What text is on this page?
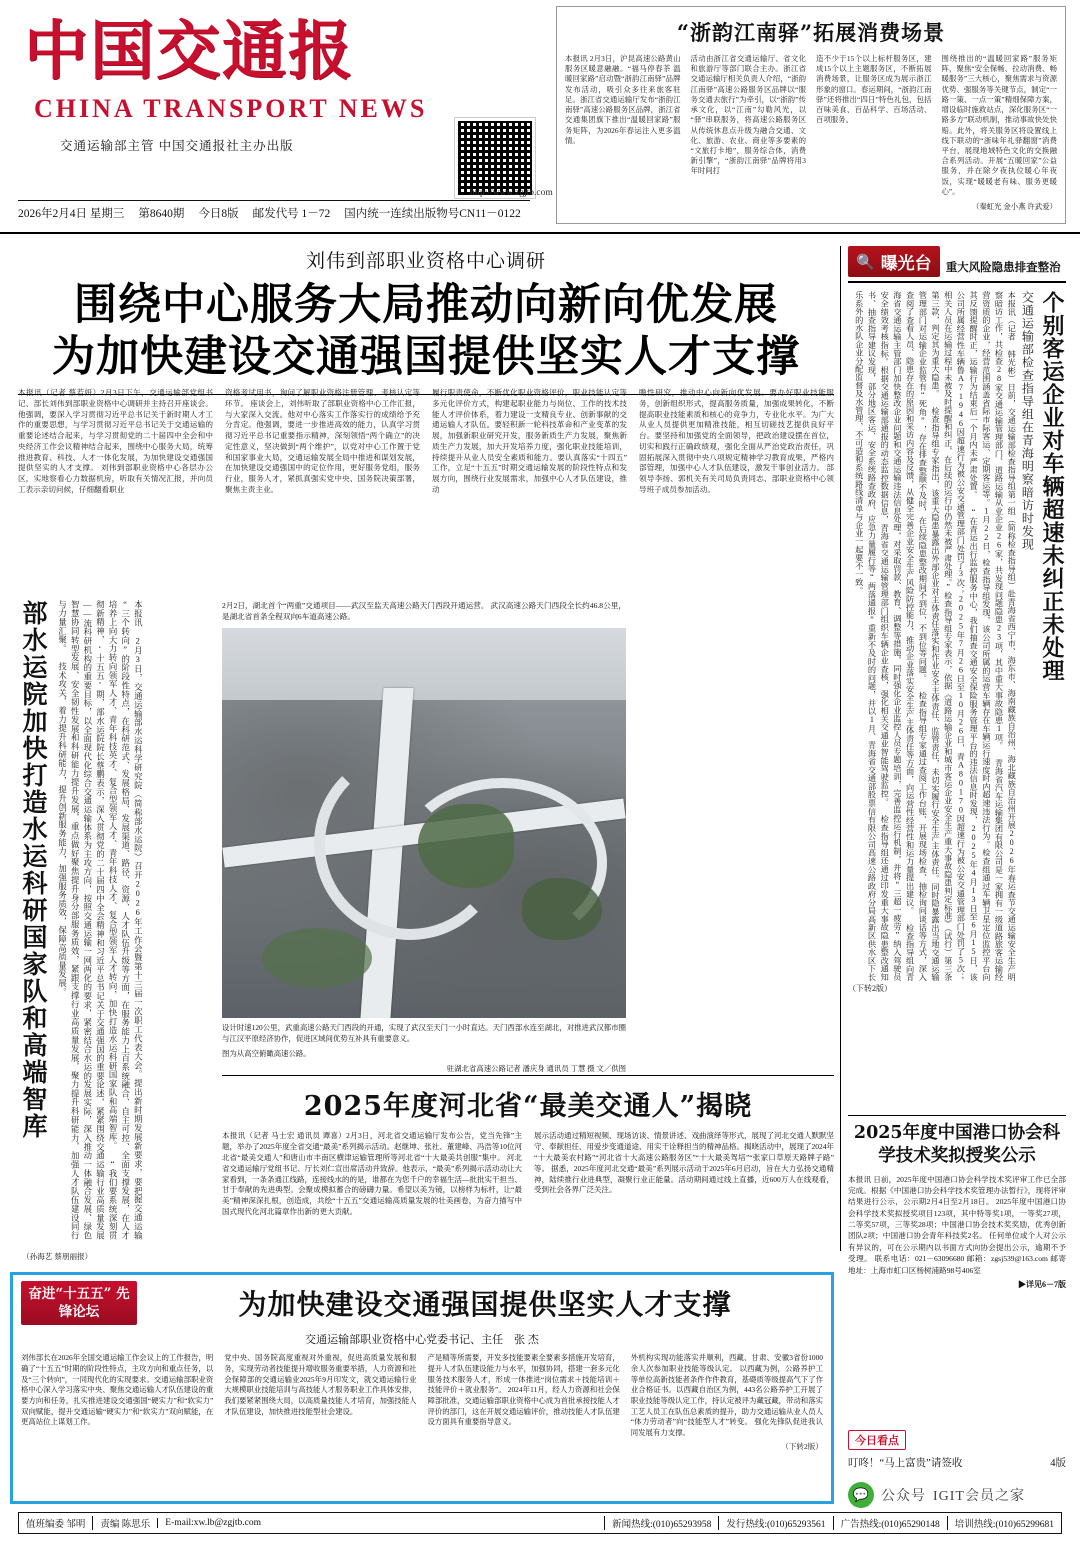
中国交通报
CHINA TRANSPORT NEWS
交通运输部主管 中国交通报社主办出版
http://www.zgjtb.com
2026年2月4日 星期三 第8640期 今日8版 邮发代号 1－72 国内统一连续出版物号CN11－0122
“浙韵江南驿”拓展消费场景
本报讯 2月3日，沪昆高速公路黄山服务区暖意融融。“福马停春茶 温暖回家路”启动暨“浙韵江南驿”品牌发布活动，吸引众多往来旅客驻足。浙江省交通运输厅发布“浙韵江南驿”高速公路服务区品牌，浙江省交通集团旗下推出“温暖回家路”服务矩阵，为2026年春运注入更多温情。
活动由浙江省交通运输厅、省文化和旅游厅等部门联合主办。浙江省交通运输厅相关负责人介绍，“浙韵江南驿”高速公路服务区品牌以“服务交通去旅行”为牵引，以“浙韵”传承文化，以“江南”勾勒风光，以“驿”串联服务，将高速公路服务区从传统休息点升级为融合交通、文化、旅游、农业、商业等多要素的“文旅打卡地”，服务综合体，消费新引擎”，“浙韵江南驿”品牌将用3年时间打
造不少于15个以上标杆服务区，建成15个以上主题服务区，不断拓展消费场景，让服务区成为展示浙江形象的窗口。春运期间，“浙韵江南驿”还将推出“四日”特色礼包，包括百味美食、百品科学、百场活动、百项服务。
围绕推出的“温暖回家路”服务矩阵，聚焦“安全保畅、拉动消费、畅暖服务”三大核心，聚焦需求与资源优势、强服务等关键节点，制定“一路一策、一点一策”精细保障方案，增设临时施救站点，深化服务区“一路多方”联动机制，推动事故快处快赔。此外，将关服务区将设置线上线下联动的“浙味年礼驿翻窗”消费平台，展现地域特色文化的交换融合系列活动。开展“五暖回家”公益服务，并在除夕夜执位暖心年夜饭，实现“暖暖老有味、服务更暖心”。
（秦虹光 金小燕 许武爱）
刘伟到部职业资格中心调研
围绕中心服务大局推动向新向优发展
为加快建设交通强国提供坚实人才支撑
本报讯（记者 蔡若妍）2月3日下午，交通运输部党组书记、部长刘伟到部职业资格中心调研并主持召开座谈会。他强调，要深入学习贯彻习近平总书记关于新时期人才工作的重要思想，与学习贯彻习近平总书记关于交通运输的重要论述结合起来，与学习贯彻党的二十届四中全会和中央经济工作会议精神结合起来，围绕中心服务大局，统筹推进教育、科技、人才一体化发展，为加快建设交通强国提供坚实的人才支撑。 刘伟到部职业资格中心各层办公区，实地察看心力数据机房，听取有关情况汇报，并向员工表示亲切问候，仔细翻看职业
资格考试用书，询问了解职业资格注册管理、考核认定等环节。 座谈会上，刘伟听取了部职业资格中心工作汇报，与大家深入交流。他对中心落实工作落实行的成绩给予充分肯定。他强调，要进一步推进高效的能力，认真学习贯彻习近平总书记重要指示精神，深刻领悟“两个确立”的决定性意义，坚决做到“两个维护”，以党对中心工作置于党和国家事业大局，交通运输发展全局中推进和谋划发展，在加快建设交通强国中的定位作用，更好服务党组，服务行业，服务人才，紧抓真强实党中央、国务院决策部署，聚焦主责主业。
履行职责使命，不断优化职业资格评价，职业技能认定等多元化评价方式，构建起职业能力与岗位、工作的技术技能人才评价体系，着力建设一支精良专业、创新事献的交通运输人才队伍。要轻积新一轮科技革命和产业变革的发展，加强新职业研究开发，服务新质生产力发展，聚焦新质生产力发展，加大开发培养力度，强化职业技能培训，持续提升从业人员安全素质和能力。要认真落实“十四五”工作，立足“十五五”时期交通运输发展的阶段性特点和发展方向，围绕行业发展需求，加强中心人才队伍建设，推动
瞻性研究，推动中心向新向优发展。要办好职业技能服务，创新组织形式，提高服务质量，加强成果转化，不断提高职业技能素质和核心的竞争力，专业化水平。为广大从业人员提供更加精准技能，相互切磋技艺提供良好平台。要坚持和加强党的全面领导，把政治建设摆在首位，切实和践行正确政绩观，强化全面从严治党政治责任，巩固拓展深入贯彻中央八项规定精神学习教育成果，严格内部管理，加强中心人才队伍建设，激发干事创业活力。 部领导李扬、郭机关有关司局负责同志、部职业资格中心领导班子成员参加活动。
部水运院加快打造水运科研国家队和高端智库	本报讯 2月3日，交通运输部水运科学研究院（简称部水运院）召开2026年工作会暨第十三届一次职工代表大会。提出新时期发展新要求，要把握交通运输“三个转向”的阶段性特点，在科研范式、发展格局、发展渠道、路径、资源、人才队伍升级等方面，在服务能力上百系统融合、自主可控、全面支撑发展，在人才培养上向大力转向领军人才、青年科技英才、复合型领军人才、青年科技人才、复合型领军人才转向，加快打造水运科研国家队和高端智库。 “我们要系统深刻贯彻新精神，‘十五五’期，部水运院院长蔡鹏表示，深入贯彻党的二十届四中全会精神和习近平总书记关于交通强国的重要论述，紧紧围绕交通运输行业高质量发展——流科研机构的重要目标，以全面现代化综合交通运输体系为主攻方向，按照交通运输一网两化的要求，紧密结合水运的发展实际，深入推动一体融合发展、绿色智慧协同转型发展、安全韧性发展和科研能力提升发展，重点做好聚焦提升身分部服务质效，紧跟支撑行业高质量发展，聚力提升科研能力，加强人才队伍建设同行与力量汇聚。 技术攻关，着力提升科研能力，提升创新服务能力，加强服务质效，保障高质量发展。
（孙海艺 蔡朋丽报）
2月2日，湖北首个“两重”交通项目——武汉至监天高速公路天门西段开通运营。 武汉高速公路天门西段全长约46.8公里，是湖北省首条全程双向6车道高速公路。
设计时速120公里，武重高速公路天门西段的开通，实现了武汉至天门一小时直达。天门西部水连至湖北，对推进武汉都市圈与江汉平原经济协作，促进区域间优势互补具有重要意义。
图为从高空俯瞰高速公路。
驻湖北省高速公路记者 潘庆身 通讯员 丁慧 摄 文／供图
2025年度河北省“最美交通人”揭晓
本报讯（记者 马士宏 通讯员 谭喜）2月3日，河北省交通运输厅发布公告，党当先锋”主题，举办了2025年度全省交通“最美”系列揭示活动。赵继坤、张社、董建峰、冯浩等10位河北省“最美交通人”和唐山市丰南区横津运输管理所等河北省“十大最美共创服”集中。 河北省交通运输厅党组书记、厅长刘仁宣出席活动并致辞。他表示，“最美”系列揭示活动动让大家看到，一条条通江线路，连接线水的的是，谁都在为您千户的幸福生活—批批实干担当、甘于奉献的先进典型。会聚成模拟蓄合的磅礴力量。希望以美为镜，以榜样为标杆，让“最美”精神深深扎根，创造成，共绘“十五五”交通运输高质量发展的壮美画卷，为奋力描写中国式现代化河北篇章作出新的更大贡献。
展示活动通过精短视频、现场访谈、情景讲述、戏曲演绎等形式，展现了河北交通人默默坚守、奉献担任、用爱步变通道途、用实干诠释担当的精神品格。揭晓活动中，展现了2024年“十大最美农村路”“河北省十大高速公路服务区”“十大最美驾培”“张家口草原天路牌子路”等。 据悉，2025年度河北交通“最美”系列展示活动于2025年6月启动，旨在大力弘扬交通精神，陆续推行业进典型，凝聚行业正能量。活动期间通过线上直播，近600万人在线观看，受到社会各界广泛关注。
🔍 曝光台 重大风险隐患排查整治
个别客运企业对车辆超速未纠正未处理
交通运输部检查指导组在青海明察暗访时发现
本报讯（记者 韩光彬）日前，交通运输部检查指导组第一组（简称检查指导组）赴青海省西宁市、海东市、海南藏族自治州、海北藏族自治州开展2026年春运查节交通运输安全生产明察暗访工作，共检查28家交通运输管理部门、道路运输从业企业26家，共发现问题隐患23项，其中重大事故隐患1项。 青海省汽车运输集团有限公司是一家拥有一级道路旅客运输经营资质的企业，经营范围涵盖省际市际客运、定期客运等。1月22日，检查指导组发现，该公司所属的运营车辆存在车辆运行速度时内超速违法行为。检查组通过车辆卫星定位监控平台向其反馈提醒时正，运输行为结束后一个月内未严肃处置。 “在青运出行监控服务中心，我们抽查交通安全保险服务管理平台的违法信息时发现，2025年4月13日至6月15日，该公司所属经营性车辆鲁A71946因超速行为被公安交通管理部门处罚了3次；2025年7月26日至10月26日，青A80170因超速行为被公安交通管理部门处罚了5次；相关人员在运输过程中未被及时提醒和纠正，在后续的运行中仍然未被严肃处理。”检查指导组专家表示，依据《道路运输企业和城市客运企业安全生产重大事故隐患判定标准》（试行）第三条第三款，判定其为重大隐患。 检查指导组专家指出，该重大隐患暴露出外部企业对主体责任落实和作业安全主体责任、监管责任，未切实履行安全生产主体责任。同时隐暴露出当地交通运输管理部门对运输企业监管有“死角”，存在排查整顺不及时，在后续隐患整改期间不到位、不到位等问题。 检查指导组专家通过查阅工作台账、开展现场检查、抽检询问谈话等方式，深入查阅了查看人员、隐患存在的原因和采访内容及反馈，从健全完善企业安全生产风险防控能力，推动企业落实安全生产主体责任等方面，向运营性经营性和运力量提出建议。 检查指导组向青海省交通运输主管部门加快整改企业问题和交通运输违法信息处理，对采取罚款、教育、调整等措施，同时强化企业监控人员专题培训，完善监控运行机制，并将“三超一疲劳”纳入驾驶员安全绩效考核指标。根据交通运输部通报的动态监控数据信息，青海省交通运输管理部门组织车辆企业查核，强化相关交通业智能驾驶监控。 检查指导组还通过印发重大事故隐患整改通知书、抽查指导建议发现，部分地区客运、安全系统路查政府、应急力量履行等“两落通报”重新不及时的问题，并以1月、青海省交通部股票信有限公司高速公路政府分局高新区供水区下长乐系外的水队企业分配监督及水管理，不可造和系统路线清单与企业一起要不一致。
（下转2版）
2025年度中国港口协会科学技术奖拟授奖公示
本报讯 日前，2025年度中国港口协会科学技术奖评审工作已全部完成。根据《中国港口协会科学技术奖管理办法暂行》，现将评审结果进行公示，公示期2月4日至2月18日。 2025年度中国港口协会科学技术奖拟授奖项目123项，其中特等奖1项，一等奖27项，二等奖57项，三等奖28项；中国港口协会技术奖奖励，优秀创新团队2项；中国港口协会青年科技奖2名。 任何单位或个人对公示有异议的，可在公示期内以书面方式向协会提出公示，逾期不予受理。 联系电话：021－63096680 邮箱：zgsj539@163.com 邮寄地址：上海市虹口区杨树浦路98号406室
▶详见6－7版
今日看点
叮咚！“马上富贵”请签收	4版
奋进“十五五” 先锋论坛	为加快建设交通强国提供坚实人才支撑
交通运输部职业资格中心党委书记、主任 张 杰
刘伟部长在2026年全国交通运输工作会议上的工作报告，明确了“十五五”时期的阶段性特点，主攻方向和重点任务，以及“三个转向”，一同现代化的实现要求。交通运输部职业资格中心深入学习落实中央、聚焦交通运输人才队伍建设的重要方向和任务，扎实推进建设交通强国“硬实力”和“软实力”双向赋能，提升交通运输“硬实力”和“软实力”双向赋能，在更高站位上谋划工作。
党中央、国务院高度重视对外重视，促进高质量发展和服务，实现劳动者技能提升增收服务重要举措，人力资源和社会保障部的交通运输业2025年9月印发文，就交通运输行业大规模职业技能培训与高技能人才服务职业工作具体安排，我们要紧紧围绕大局，以高质量技能人才培育，加强技能人才队伍建设，加快推进技能型社会建设。
产是精等所需要，开发多技能要素全要素多措施开发培育，提升人才队伍建设能力与水平，加强协同，搭建一套多元化服务技术服务人才，形成一体推进“岗位需求＋技能培训＋技能评价＋就业服务”。 2024年11月，经人力资源和社会保障部批准，交通运输部职业资格中心成为首批承接技能人才评价的部门，这在开展交通运输评价，推动技能人才队伍建设方面具有重要指导意义。
外机构实现功能落实并顺利，西藏、甘肃、安徽3省份1000余人次参加职业技能等级认定。 以西藏为例，公路养护工等单位高新技能者条件作件教育，基礎质等级提高气下了作业合格证书。以西藏自治区为例，443名公路养护工开展了职业技能等级认定工作，持认定被评为藏冠藏，带动和落实工艺人员工在队伍总素质的提升，助力交通运输从业人员人“体力劳动者”向“技能型人才”转变。 强化先锋队促进我认同发展有力支撑。
（下转2版）
💬 公众号 IGIT会员之家
值班编委 邹明	责编 陈思乐	E-mail:xw.lb@zgjtb.com	新闻热线:(010)65293958	发行热线:(010)65293561	广告热线:(010)65290148	培训热线:(010)65299681
